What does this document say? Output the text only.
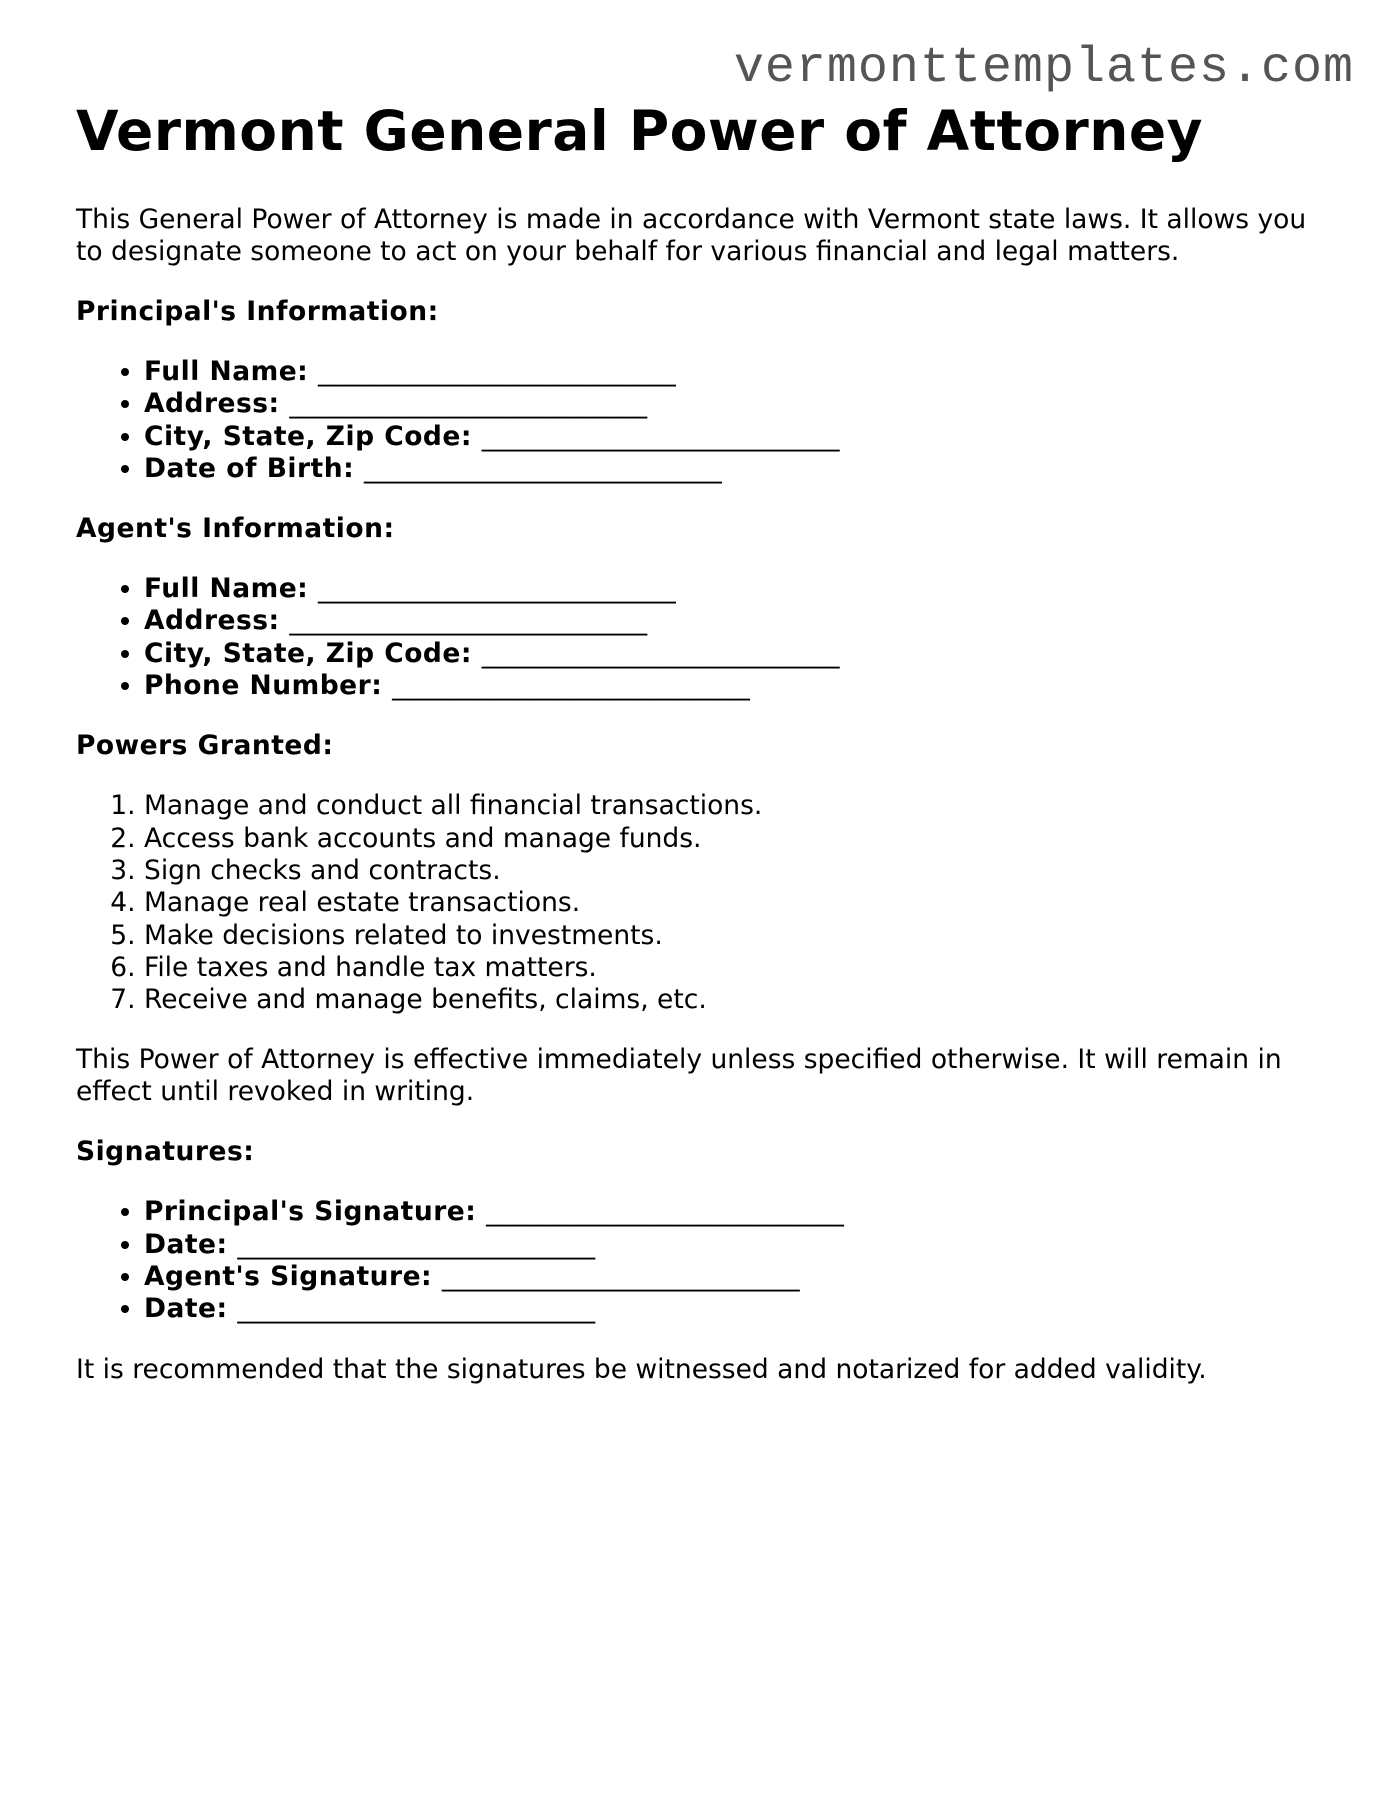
vermonttemplates.com
Vermont General Power of Attorney

This General Power of Attorney is made in accordance with Vermont state laws. It allows you to designate someone to act on your behalf for various financial and legal matters.

Principal's Information:
• Full Name: ___________________________
• Address: ___________________________
• City, State, Zip Code: ___________________________
• Date of Birth: ___________________________
Agent's Information:
• Full Name: ___________________________
• Address: ___________________________
• City, State, Zip Code: ___________________________
• Phone Number: ___________________________
Powers Granted:
1. Manage and conduct all financial transactions.
2. Access bank accounts and manage funds.
3. Sign checks and contracts.
4. Manage real estate transactions.
5. Make decisions related to investments.
6. File taxes and handle tax matters.
7. Receive and manage benefits, claims, etc.

This Power of Attorney is effective immediately unless specified otherwise. It will remain in effect until revoked in writing.

Signatures:
• Principal's Signature: ___________________________
• Date: ___________________________
• Agent's Signature: ___________________________
• Date: ___________________________

It is recommended that the signatures be witnessed and notarized for added validity.
